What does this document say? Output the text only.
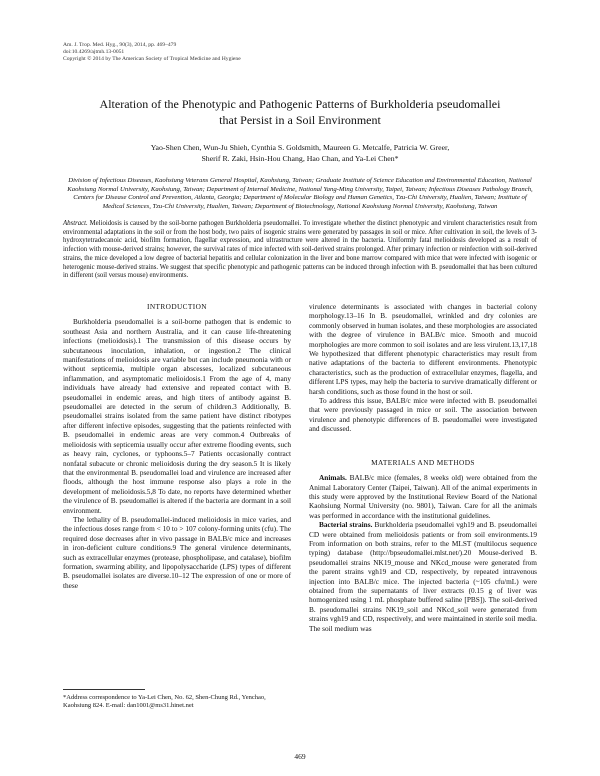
Am. J. Trop. Med. Hyg., 90(3), 2014, pp. 469–479
doi:10.4269/ajtmh.13-0051
Copyright © 2014 by The American Society of Tropical Medicine and Hygiene
Alteration of the Phenotypic and Pathogenic Patterns of Burkholderia pseudomallei
that Persist in a Soil Environment
Yao-Shen Chen, Wun-Ju Shieh, Cynthia S. Goldsmith, Maureen G. Metcalfe, Patricia W. Greer,
Sherif R. Zaki, Hsin-Hou Chang, Hao Chan, and Ya-Lei Chen*
Division of Infectious Diseases, Kaohsiung Veterans General Hospital, Kaohsiung, Taiwan; Graduate Institute of Science Education and Environmental Education, National Kaohsiung Normal University, Kaohsiung, Taiwan; Department of Internal Medicine, National Yang-Ming University, Taipei, Taiwan; Infectious Diseases Pathology Branch, Centers for Disease Control and Prevention, Atlanta, Georgia; Department of Molecular Biology and Human Genetics, Tzu-Chi University, Hualien, Taiwan; Institute of Medical Sciences, Tzu-Chi University, Hualien, Taiwan; Department of Biotechnology, National Kaohsiung Normal University, Kaohsiung, Taiwan
Abstract. Melioidosis is caused by the soil-borne pathogen Burkholderia pseudomallei. To investigate whether the distinct phenotypic and virulent characteristics result from environmental adaptations in the soil or from the host body, two pairs of isogenic strains were generated by passages in soil or mice. After cultivation in soil, the levels of 3-hydroxytetradecanoic acid, biofilm formation, flagellar expression, and ultrastructure were altered in the bacteria. Uniformly fatal melioidosis developed as a result of infection with mouse-derived strains; however, the survival rates of mice infected with soil-derived strains prolonged. After primary infection or reinfection with soil-derived strains, the mice developed a low degree of bacterial hepatitis and cellular colonization in the liver and bone marrow compared with mice that were infected with isogenic or heterogenic mouse-derived strains. We suggest that specific phenotypic and pathogenic patterns can be induced through infection with B. pseudomallei that has been cultured in different (soil versus mouse) environments.
INTRODUCTION

Burkholderia pseudomallei is a soil-borne pathogen that is endemic to southeast Asia and northern Australia, and it can cause life-threatening infections (melioidosis).1 The transmission of this disease occurs by subcutaneous inoculation, inhalation, or ingestion.2 The clinical manifestations of melioidosis are variable but can include pneumonia with or without septicemia, multiple organ abscesses, localized subcutaneous inflammation, and asymptomatic melioidosis.1 From the age of 4, many individuals have already had extensive and repeated contact with B. pseudomallei in endemic areas, and high titers of antibody against B. pseudomallei are detected in the serum of children.3 Additionally, B. pseudomallei strains isolated from the same patient have distinct ribotypes after different infective episodes, suggesting that the patients reinfected with B. pseudomallei in endemic areas are very common.4 Outbreaks of melioidosis with septicemia usually occur after extreme flooding events, such as heavy rain, cyclones, or typhoons.5–7 Patients occasionally contract nonfatal subacute or chronic melioidosis during the dry season.5 It is likely that the environmental B. pseudomallei load and virulence are increased after floods, although the host immune response also plays a role in the development of melioidosis.5,8 To date, no reports have determined whether the virulence of B. pseudomallei is altered if the bacteria are dormant in a soil environment.

The lethality of B. pseudomallei-induced melioidosis in mice varies, and the infectious doses range from < 10 to > 107 colony-forming units (cfu). The required dose decreases after in vivo passage in BALB/c mice and increases in iron-deficient culture conditions.9 The general virulence determinants, such as extracellular enzymes (protease, phospholipase, and catalase), biofilm formation, swarming ability, and lipopolysaccharide (LPS) types of different B. pseudomallei isolates are diverse.10–12 The expression of one or more of these

virulence determinants is associated with changes in bacterial colony morphology.13–16 In B. pseudomallei, wrinkled and dry colonies are commonly observed in human isolates, and these morphologies are associated with the degree of virulence in BALB/c mice. Smooth and mucoid morphologies are more common to soil isolates and are less virulent.13,17,18 We hypothesized that different phenotypic characteristics may result from native adaptations of the bacteria to different environments. Phenotypic characteristics, such as the production of extracellular enzymes, flagella, and different LPS types, may help the bacteria to survive dramatically different or harsh conditions, such as those found in the host or soil.

To address this issue, BALB/c mice were infected with B. pseudomallei that were previously passaged in mice or soil. The association between virulence and phenotypic differences of B. pseudomallei were investigated and discussed.

MATERIALS AND METHODS

Animals. BALB/c mice (females, 8 weeks old) were obtained from the Animal Laboratory Center (Taipei, Taiwan). All of the animal experiments in this study were approved by the Institutional Review Board of the National Kaohsiung Normal University (no. 9801), Taiwan. Care for all the animals was performed in accordance with the institutional guidelines.

Bacterial strains. Burkholderia pseudomallei vgh19 and B. pseudomallei CD were obtained from melioidosis patients or from soil environments.19 From information on both strains, refer to the MLST (multilocus sequence typing) database (http://bpseudomallei.mlst.net/).20 Mouse-derived B. pseudomallei strains NK19_mouse and NKcd_mouse were generated from the parent strains vgh19 and CD, respectively, by repeated intravenous injection into BALB/c mice. The injected bacteria (~105 cfu/mL) were obtained from the supernatants of liver extracts (0.15 g of liver was homogenized using 1 mL phosphate buffered saline [PBS]). The soil-derived B. pseudomallei strains NK19_soil and NKcd_soil were generated from strains vgh19 and CD, respectively, and were maintained in sterile soil media. The soil medium was

*Address correspondence to Ya-Lei Chen, No. 62, Shen-Chung Rd., Yenchao, Kaohsiung 824. E-mail: dan1001@ms31.hinet.net
469
